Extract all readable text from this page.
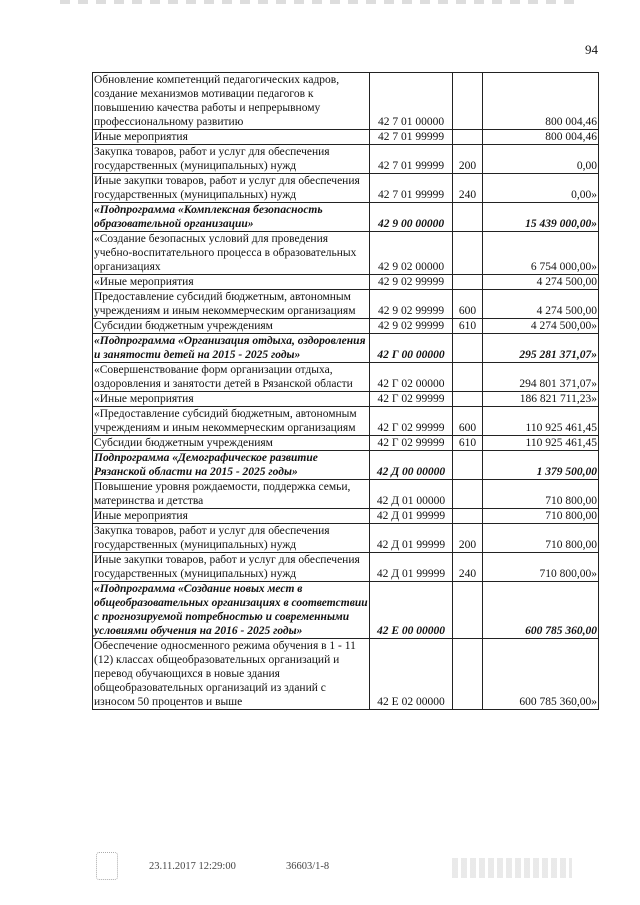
94
Обновление компетенций педагогических кадров, создание механизмов мотивации педагогов к повышению качества работы и непрерывному профессиональному развитию	42 7 01 00000		800 004,46
Иные мероприятия	42 7 01 99999		800 004,46
Закупка товаров, работ и услуг для обеспечения государственных (муниципальных) нужд	42 7 01 99999	200	0,00
Иные закупки товаров, работ и услуг для обеспечения государственных (муниципальных) нужд	42 7 01 99999	240	0,00»
«Подпрограмма «Комплексная безопасность образовательной организации»	42 9 00 00000		15 439 000,00»
«Создание безопасных условий для проведения учебно-воспитательного процесса в образовательных организациях	42 9 02 00000		6 754 000,00»
«Иные мероприятия	42 9 02 99999		4 274 500,00
Предоставление субсидий бюджетным, автономным учреждениям и иным некоммерческим организациям	42 9 02 99999	600	4 274 500,00
Субсидии бюджетным учреждениям	42 9 02 99999	610	4 274 500,00»
«Подпрограмма «Организация отдыха, оздоровления и занятости детей на 2015 - 2025 годы»	42 Г 00 00000		295 281 371,07»
«Совершенствование форм организации отдыха, оздоровления и занятости детей в Рязанской области	42 Г 02 00000		294 801 371,07»
«Иные мероприятия	42 Г 02 99999		186 821 711,23»
«Предоставление субсидий бюджетным, автономным учреждениям и иным некоммерческим организациям	42 Г 02 99999	600	110 925 461,45
Субсидии бюджетным учреждениям	42 Г 02 99999	610	110 925 461,45
Подпрограмма «Демографическое развитие Рязанской области на 2015 - 2025 годы»	42 Д 00 00000		1 379 500,00
Повышение уровня рождаемости, поддержка семьи, материнства и детства	42 Д 01 00000		710 800,00
Иные мероприятия	42 Д 01 99999		710 800,00
Закупка товаров, работ и услуг для обеспечения государственных (муниципальных) нужд	42 Д 01 99999	200	710 800,00
Иные закупки товаров, работ и услуг для обеспечения государственных (муниципальных) нужд	42 Д 01 99999	240	710 800,00»
«Подпрограмма «Создание новых мест в общеобразовательных организациях в соответствии с прогнозируемой потребностью и современными условиями обучения на 2016 - 2025 годы»	42 Е 00 00000		600 785 360,00
Обеспечение односменного режима обучения в 1 - 11 (12) классах общеобразовательных организаций и перевод обучающихся в новые здания общеобразовательных организаций из зданий с износом 50 процентов и выше	42 Е 02 00000		600 785 360,00»
23.11.2017 12:29:00	36603/1-8
